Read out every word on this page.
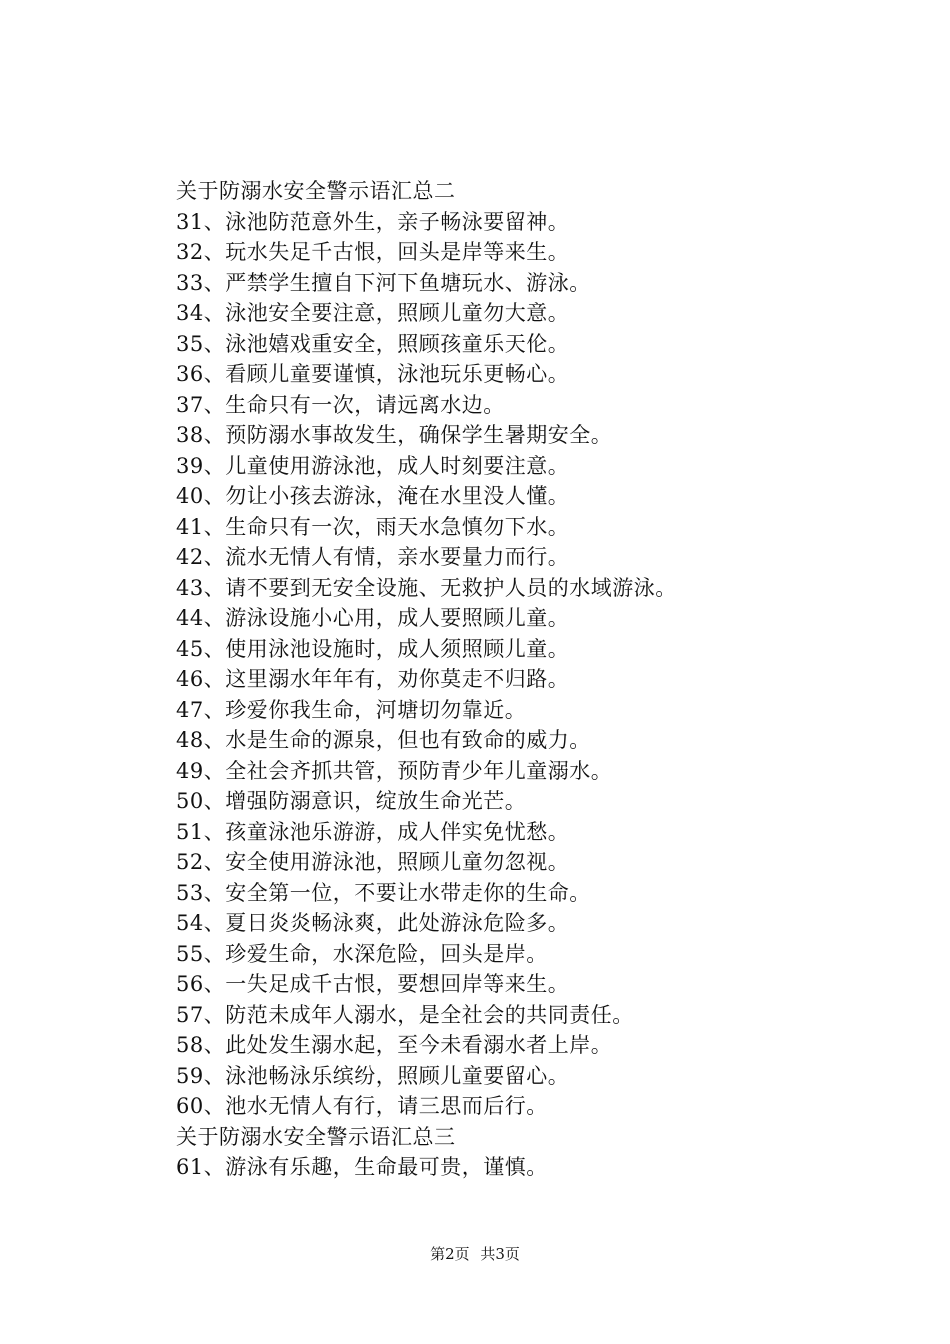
关于防溺水安全警示语汇总二
31、泳池防范意外生，亲子畅泳要留神。
32、玩水失足千古恨，回头是岸等来生。
33、严禁学生擅自下河下鱼塘玩水、游泳。
34、泳池安全要注意，照顾儿童勿大意。
35、泳池嬉戏重安全，照顾孩童乐天伦。
36、看顾儿童要谨慎，泳池玩乐更畅心。
37、生命只有一次，请远离水边。
38、预防溺水事故发生，确保学生暑期安全。
39、儿童使用游泳池，成人时刻要注意。
40、勿让小孩去游泳，淹在水里没人懂。
41、生命只有一次，雨天水急慎勿下水。
42、流水无情人有情，亲水要量力而行。
43、请不要到无安全设施、无救护人员的水域游泳。
44、游泳设施小心用，成人要照顾儿童。
45、使用泳池设施时，成人须照顾儿童。
46、这里溺水年年有，劝你莫走不归路。
47、珍爱你我生命，河塘切勿靠近。
48、水是生命的源泉，但也有致命的威力。
49、全社会齐抓共管，预防青少年儿童溺水。
50、增强防溺意识，绽放生命光芒。
51、孩童泳池乐游游，成人伴实免忧愁。
52、安全使用游泳池，照顾儿童勿忽视。
53、安全第一位，不要让水带走你的生命。
54、夏日炎炎畅泳爽，此处游泳危险多。
55、珍爱生命，水深危险，回头是岸。
56、一失足成千古恨，要想回岸等来生。
57、防范未成年人溺水，是全社会的共同责任。
58、此处发生溺水起，至今未看溺水者上岸。
59、泳池畅泳乐缤纷，照顾儿童要留心。
60、池水无情人有行，请三思而后行。
关于防溺水安全警示语汇总三
61、游泳有乐趣，生命最可贵，谨慎。
第2页 共3页
